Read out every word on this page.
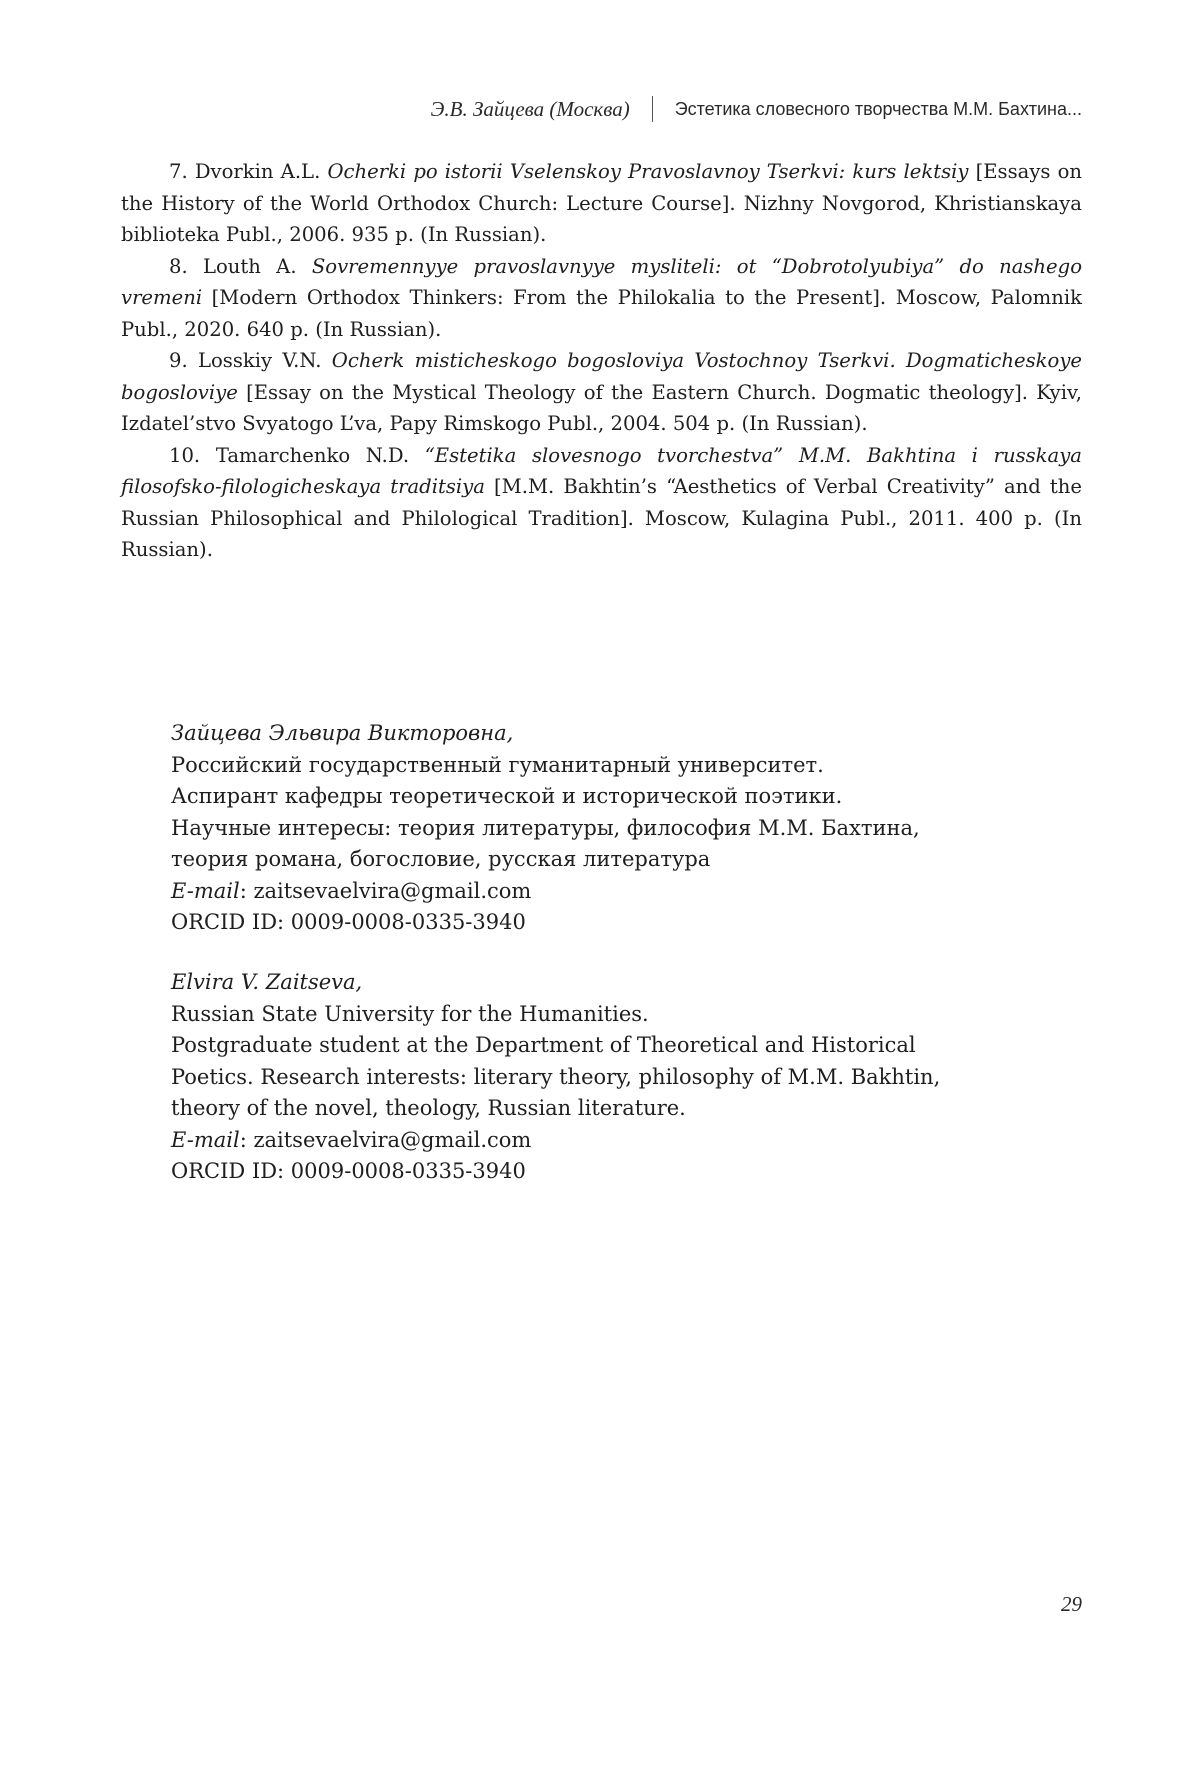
Э.В. Зайцева (Москва)	Эстетика словесного творчества М.М. Бахтина...

7. Dvorkin A.L. Ocherki po istorii Vselenskoy Pravoslavnoy Tserkvi: kurs lektsiy [Essays on the History of the World Orthodox Church: Lecture Course]. Nizhny Novgorod, Khristianskaya biblioteka Publ., 2006. 935 p. (In Russian).

8. Louth A. Sovremennyye pravoslavnyye mysliteli: ot “Dobrotolyubiya” do nashego vremeni [Modern Orthodox Thinkers: From the Philokalia to the Present]. Moscow, Palomnik Publ., 2020. 640 p. (In Russian).

9. Losskiy V.N. Ocherk misticheskogo bogosloviya Vostochnoy Tserkvi. Dogmaticheskoye bogosloviye [Essay on the Mystical Theology of the Eastern Church. Dogmatic theology]. Kyiv, Izdatel’stvo Svyatogo L’va, Papy Rimskogo Publ., 2004. 504 p. (In Russian).

10. Tamarchenko N.D. “Estetika slovesnogo tvorchestva” M.M. Bakhtina i russkaya filosofsko-filologicheskaya traditsiya [M.M. Bakhtin’s “Aesthetics of Verbal Creativity” and the Russian Philosophical and Philological Tradition]. Moscow, Kulagina Publ., 2011. 400 p. (In Russian).

Зайцева Эльвира Викторовна,
Российский государственный гуманитарный университет.
Аспирант кафедры теоретической и исторической поэтики.
Научные интересы: теория литературы, философия М.М. Бахтина,
теория романа, богословие, русская литература
E-mail: zaitsevaelvira@gmail.com
ORCID ID: 0009-0008-0335-3940
Elvira V. Zaitseva,
Russian State University for the Humanities.
Postgraduate student at the Department of Theoretical and Historical
Poetics. Research interests: literary theory, philosophy of M.M. Bakhtin,
theory of the novel, theology, Russian literature.
E-mail: zaitsevaelvira@gmail.com
ORCID ID: 0009-0008-0335-3940
29
